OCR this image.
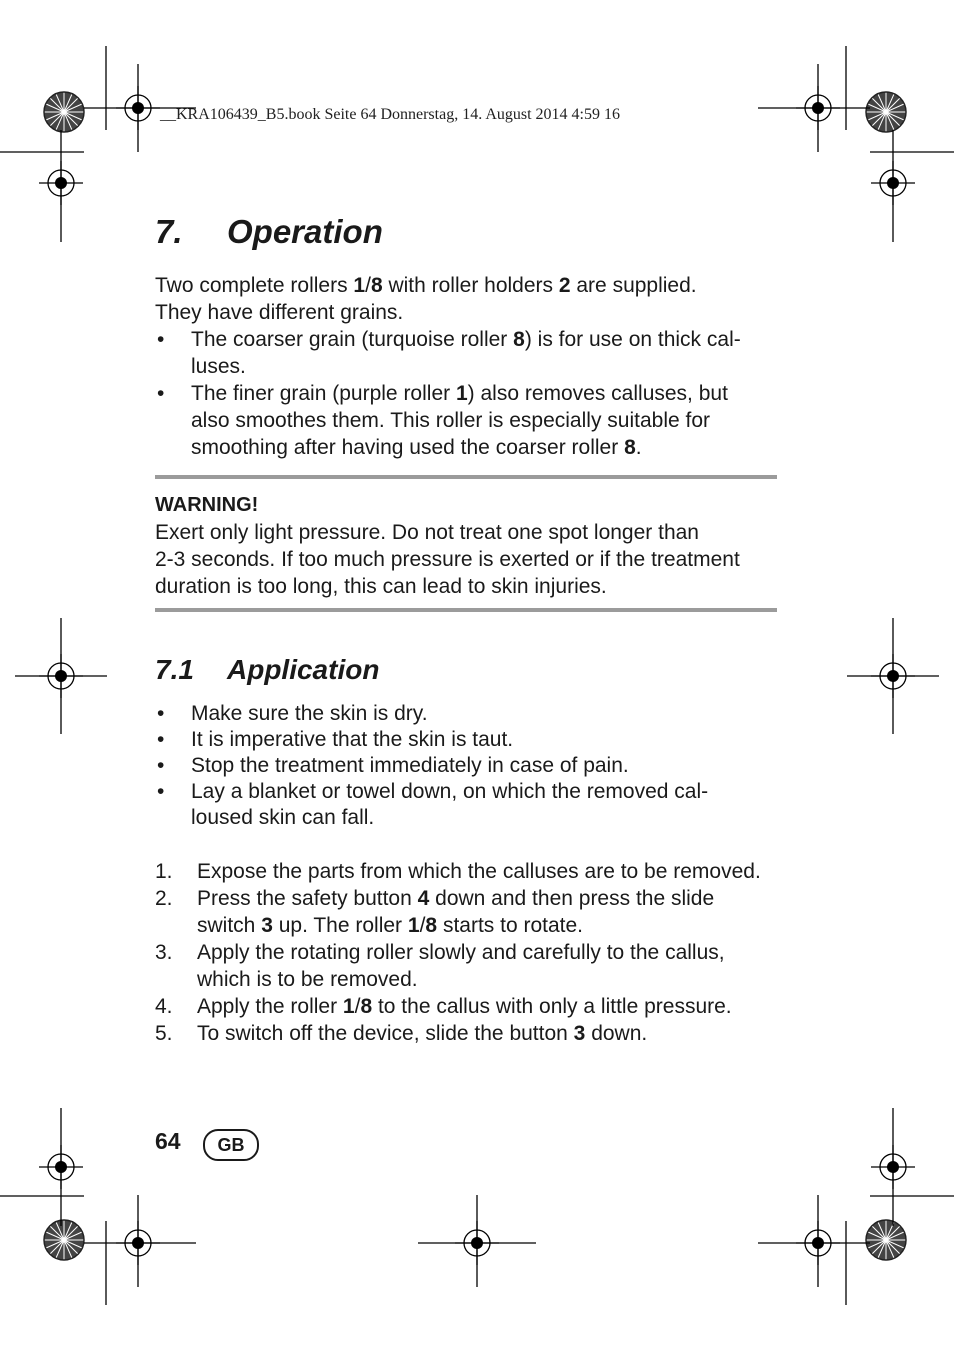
__KRA106439_B5.book Seite 64 Donnerstag, 14. August 2014 4:59 16
7. Operation

Two complete rollers 1/8 with roller holders 2 are supplied.

They have different grains.

• The coarser grain (turquoise roller 8) is for use on thick cal-
luses.
• The finer grain (purple roller 1) also removes calluses, but
also smoothes them. This roller is especially suitable for
smoothing after having used the coarser roller 8.

WARNING!

Exert only light pressure. Do not treat one spot longer than

2-3 seconds. If too much pressure is exerted or if the treatment

duration is too long, this can lead to skin injuries.

7.1 Application
• Make sure the skin is dry.
• It is imperative that the skin is taut.
• Stop the treatment immediately in case of pain.
• Lay a blanket or towel down, on which the removed cal-
loused skin can fall.
1. Expose the parts from which the calluses are to be removed.
2. Press the safety button 4 down and then press the slide
switch 3 up. The roller 1/8 starts to rotate.
3. Apply the rotating roller slowly and carefully to the callus,
which is to be removed.
4. Apply the roller 1/8 to the callus with only a little pressure.
5. To switch off the device, slide the button 3 down.
64	GB
